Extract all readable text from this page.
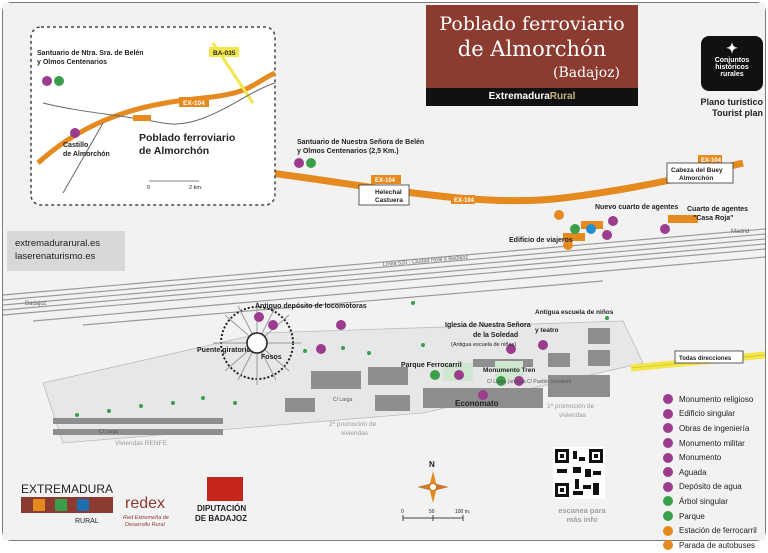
Santuario de Ntra. Sra. de Belén
y Olmos Centenarios
BA-035
EX-104
Castillo
de Almorchón
Poblado ferroviario
de Almorchón
0	2 km.
Santuario de Nuestra Señora de Belén
y Olmos Centenarios (2,5 Km.)
EX-104
EX-104
EX-104
Helechal
Castuera
Cabeza del Buey
Almorchón
Madrid
Badajoz
Línea 520 - Ciudad Real a Badajoz
Nuevo cuarto de agentes Cuarto de agentes
"Casa Roja"
Edificio de viajeros
Antiguo depósito de locomotoras
Puente giratorio
Fosos
Iglesia de Nuestra Señora
de la Soledad
(Antigua escuela de niñas)
Antigua escuela de niños
y teatro
Parque Ferrocarril
Monumento Tren
Economato
C/ Larga
C/ Larga
C/ Larga (antigua C/ Pueblo Schatzel)
1ª promoción de
viviendas
2ª promoción de
viviendas
Viviendas RENFE
Todas direcciones
N
0	50	100 m.
EXTREMADURA
RURAL
redex
Red Extremeña de
Desarrollo Rural
DIPUTACIÓN
DE BADAJOZ
Poblado ferroviario
de Almorchón
(Badajoz)
ExtremaduraRural
✦
Conjuntos
históricos
rurales
Plano turístico
Tourist plan
extremadurarural.es
laserenaturismo.es
Monumento religioso
Edificio singular
Obras de ingeniería
Monumento militar
Monumento
Aguada
Depósito de agua
Árbol singular
Parque
Estación de ferrocarril
Parada de autobuses
escanea para
más info
